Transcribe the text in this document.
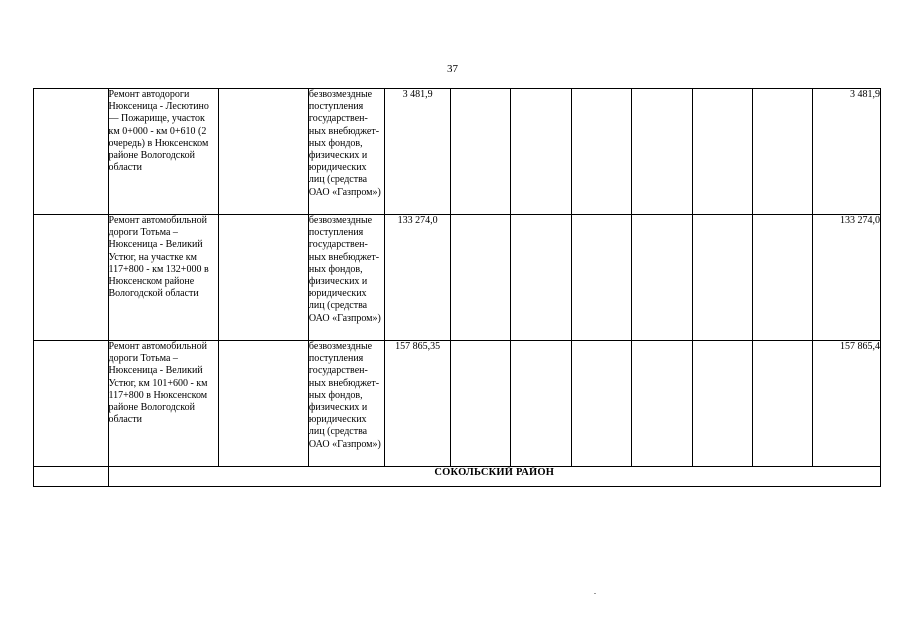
37
	Ремонт автодороги Нюксеница - Лесютино — Пожарище, участок км 0+000 - км 0+610 (2 очередь) в Нюксенском районе Вологодской области		безвозмездные поступления государствен-ных внебюджет-ных фондов, физических и юридических лиц (средства ОАО «Газпром»)	3 481,9							3 481,9
	Ремонт автомобильной дороги Тотьма – Нюксеница - Великий Устюг, на участке км 117+800 - км 132+000 в Нюксенском районе Вологодской области		безвозмездные поступления государствен-ных внебюджет-ных фондов, физических и юридических лиц (средства ОАО «Газпром»)	133 274,0							133 274,0
	Ремонт автомобильной дороги Тотьма – Нюксеница - Великий Устюг, км 101+600 - км 117+800 в Нюксенском районе Вологодской области		безвозмездные поступления государствен-ных внебюджет-ных фондов, физических и юридических лиц (средства ОАО «Газпром»)	157 865,35							157 865,4
	СОКОЛЬСКИЙ РАЙОН										
